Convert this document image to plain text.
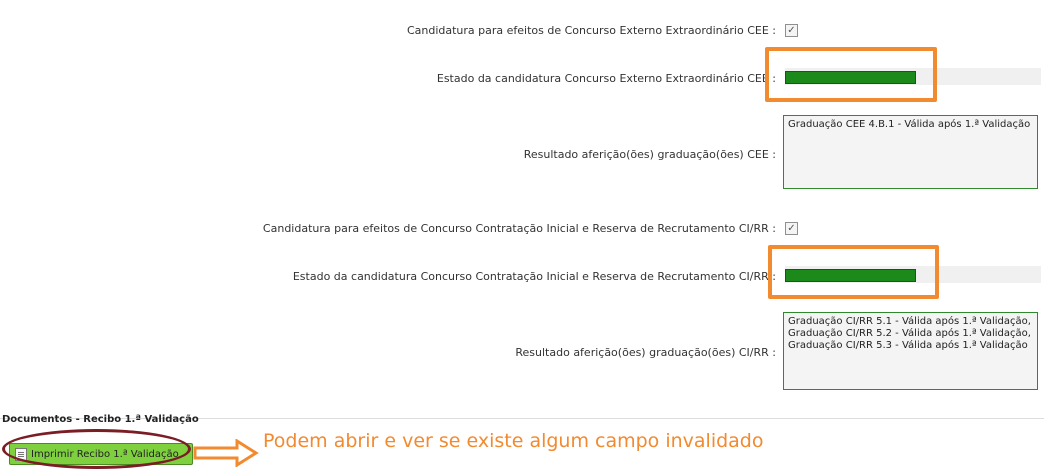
Candidatura para efeitos de Concurso Externo Extraordinário CEE : ✓
Estado da candidatura Concurso Externo Extraordinário CEE :
Resultado aferição(ões) graduação(ões) CEE :
Graduação CEE 4.B.1 - Válida após 1.ª Validação
Candidatura para efeitos de Concurso Contratação Inicial e Reserva de Recrutamento CI/RR : ✓
Estado da candidatura Concurso Contratação Inicial e Reserva de Recrutamento CI/RR :
Resultado aferição(ões) graduação(ões) CI/RR :
Graduação CI/RR 5.1 - Válida após 1.ª Validação,
Graduação CI/RR 5.2 - Válida após 1.ª Validação,
Graduação CI/RR 5.3 - Válida após 1.ª Validação
Documentos - Recibo 1.ª Validação
Imprimir Recibo 1.ª Validação
Podem abrir e ver se existe algum campo invalidado
